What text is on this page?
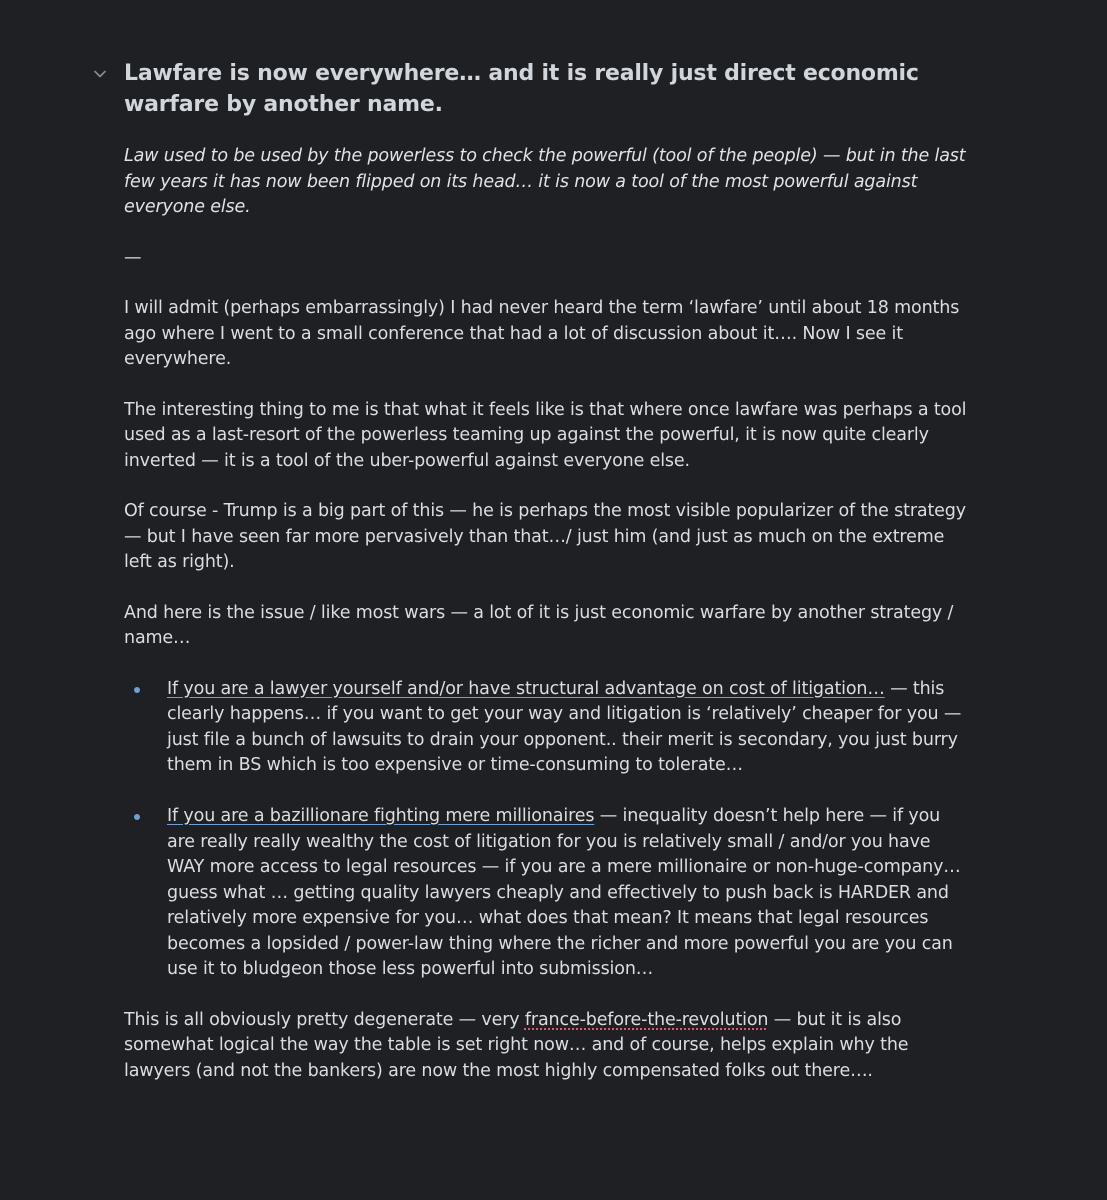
Lawfare is now everywhere… and it is really just direct economic warfare by another name.

Law used to be used by the powerless to check the powerful (tool of the people) — but in the last few years it has now been flipped on its head… it is now a tool of the most powerful against everyone else.

—

I will admit (perhaps embarrassingly) I had never heard the term ‘lawfare’ until about 18 months ago where I went to a small conference that had a lot of discussion about it…. Now I see it everywhere.

The interesting thing to me is that what it feels like is that where once lawfare was perhaps a tool used as a last-resort of the powerless teaming up against the powerful, it is now quite clearly inverted — it is a tool of the uber-powerful against everyone else.

Of course - Trump is a big part of this — he is perhaps the most visible popularizer of the strategy — but I have seen far more pervasively than that…/ just him (and just as much on the extreme left as right).

And here is the issue / like most wars — a lot of it is just economic warfare by another strategy / name…

If you are a lawyer yourself and/or have structural advantage on cost of litigation… — this clearly happens… if you want to get your way and litigation is ‘relatively’ cheaper for you — just file a bunch of lawsuits to drain your opponent.. their merit is secondary, you just burry them in BS which is too expensive or time-consuming to tolerate…
If you are a bazillionare fighting mere millionaires — inequality doesn’t help here — if you are really really wealthy the cost of litigation for you is relatively small / and/or you have WAY more access to legal resources — if you are a mere millionaire or non-huge-company… guess what … getting quality lawyers cheaply and effectively to push back is HARDER and relatively more expensive for you… what does that mean? It means that legal resources becomes a lopsided / power-law thing where the richer and more powerful you are you can use it to bludgeon those less powerful into submission…

This is all obviously pretty degenerate — very france-before-the-revolution — but it is also somewhat logical the way the table is set right now… and of course, helps explain why the lawyers (and not the bankers) are now the most highly compensated folks out there….
